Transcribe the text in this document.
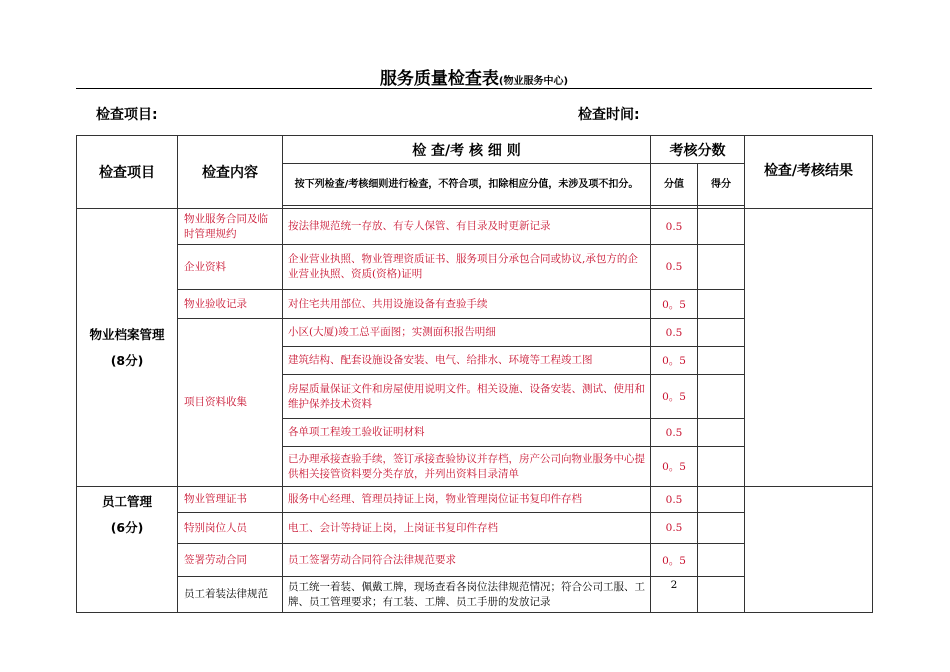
服务质量检查表(物业服务中心)
检查项目:	检查时间:
检查项目	检查内容	检 查/考 核 细 则	考核分数		检查/考核结果
		按下列检查/考核细则进行检查，不符合项，扣除相应分值，未涉及项不扣分。	分值	得分	

物业档案管理
(8分)	物业服务合同及临时管理规约	按法律规范统一存放、有专人保管、有目录及时更新记录	0.5		
	企业资料	企业营业执照、物业管理资质证书、服务项目分承包合同或协议,承包方的企业营业执照、资质(资格)证明	0.5		
	物业验收记录	对住宅共用部位、共用设施设备有查验手续	0。5		
	项目资料收集	小区(大厦)竣工总平面图；实测面积报告明细	0.5		
		建筑结构、配套设施设备安装、电气、给排水、环境等工程竣工图	0。5		
		房屋质量保证文件和房屋使用说明文件。相关设施、设备安装、测试、使用和维护保养技术资料	0。5		
		各单项工程竣工验收证明材料	0.5		
		已办理承接查验手续，签订承接查验协议并存档，房产公司向物业服务中心提供相关接管资料要分类存放，并列出资料目录清单	0。5		

员工管理
(6分)	物业管理证书	服务中心经理、管理员持证上岗，物业管理岗位证书复印件存档	0.5		
	特别岗位人员	电工、会计等持证上岗，上岗证书复印件存档	0.5		
	签署劳动合同	员工签署劳动合同符合法律规范要求	0。5		
	员工着装法律规范	员工统一着装、佩戴工牌，现场查看各岗位法律规范情况；符合公司工服、工牌、员工管理要求；有工装、工牌、员工手册的发放记录	2		
